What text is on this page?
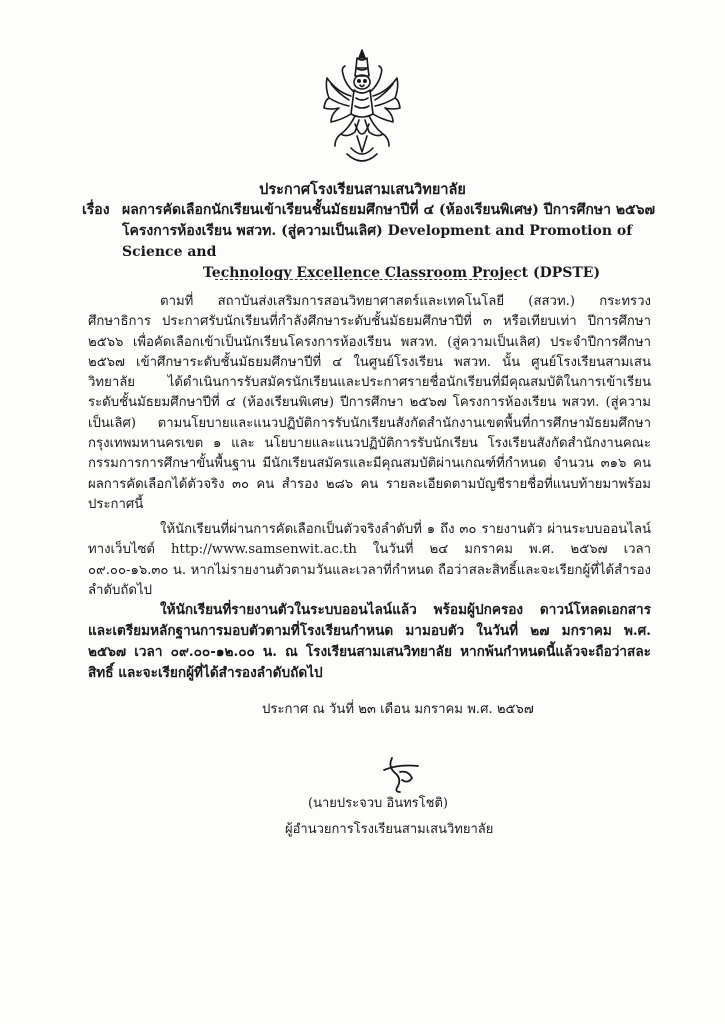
ประกาศโรงเรียนสามเสนวิทยาลัย
เรื่อง ผลการคัดเลือกนักเรียนเข้าเรียนชั้นมัธยมศึกษาปีที่ ๔ (ห้องเรียนพิเศษ) ปีการศึกษา ๒๕๖๗
โครงการห้องเรียน พสวท. (สู่ความเป็นเลิศ) Development and Promotion of Science and
Technology Excellence Classroom Project (DPSTE)
ตามที่ สถาบันส่งเสริมการสอนวิทยาศาสตร์และเทคโนโลยี (สสวท.) กระทรวงศึกษาธิการ ประกาศรับนักเรียนที่กำลังศึกษาระดับชั้นมัธยมศึกษาปีที่ ๓ หรือเทียบเท่า ปีการศึกษา ๒๕๖๖ เพื่อคัดเลือกเข้าเป็นนักเรียนโครงการห้องเรียน พสวท. (สู่ความเป็นเลิศ) ประจำปีการศึกษา ๒๕๖๗ เข้าศึกษาระดับชั้นมัธยมศึกษาปีที่ ๔ ในศูนย์โรงเรียน พสวท. นั้น ศูนย์โรงเรียนสามเสนวิทยาลัย ได้ดำเนินการรับสมัครนักเรียนและประกาศรายชื่อนักเรียนที่มีคุณสมบัติในการเข้าเรียนระดับชั้นมัธยมศึกษาปีที่ ๔ (ห้องเรียนพิเศษ) ปีการศึกษา ๒๕๖๗ โครงการห้องเรียน พสวท. (สู่ความเป็นเลิศ) ตามนโยบายและแนวปฏิบัติการรับนักเรียนสังกัดสำนักงานเขตพื้นที่การศึกษามัธยมศึกษากรุงเทพมหานครเขต ๑ และ นโยบายและแนวปฏิบัติการรับนักเรียน โรงเรียนสังกัดสำนักงานคณะกรรมการการศึกษาขั้นพื้นฐาน มีนักเรียนสมัครและมีคุณสมบัติผ่านเกณฑ์ที่กำหนด จำนวน ๓๑๖ คน ผลการคัดเลือกได้ตัวจริง ๓๐ คน สำรอง ๒๘๖ คน รายละเอียดตามบัญชีรายชื่อที่แนบท้ายมาพร้อมประกาศนี้
ให้นักเรียนที่ผ่านการคัดเลือกเป็นตัวจริงลำดับที่ ๑ ถึง ๓๐ รายงานตัว ผ่านระบบออนไลน์ ทางเว็บไซต์ http://www.samsenwit.ac.th ในวันที่ ๒๔ มกราคม พ.ศ. ๒๕๖๗ เวลา ๐๙.๐๐-๑๖.๓๐ น. หากไม่รายงานตัวตามวันและเวลาที่กำหนด ถือว่าสละสิทธิ์และจะเรียกผู้ที่ได้สำรองลำดับถัดไป
ให้นักเรียนที่รายงานตัวในระบบออนไลน์แล้ว พร้อมผู้ปกครอง ดาวน์โหลดเอกสารและเตรียมหลักฐานการมอบตัวตามที่โรงเรียนกำหนด มามอบตัว ในวันที่ ๒๗ มกราคม พ.ศ. ๒๕๖๗ เวลา ๐๙.๐๐-๑๒.๐๐ น. ณ โรงเรียนสามเสนวิทยาลัย หากพ้นกำหนดนี้แล้วจะถือว่าสละสิทธิ์ และจะเรียกผู้ที่ได้สำรองลำดับถัดไป
ประกาศ ณ วันที่ ๒๓ เดือน มกราคม พ.ศ. ๒๕๖๗
(นายประจวบ อินทรโชติ)
ผู้อำนวยการโรงเรียนสามเสนวิทยาลัย
